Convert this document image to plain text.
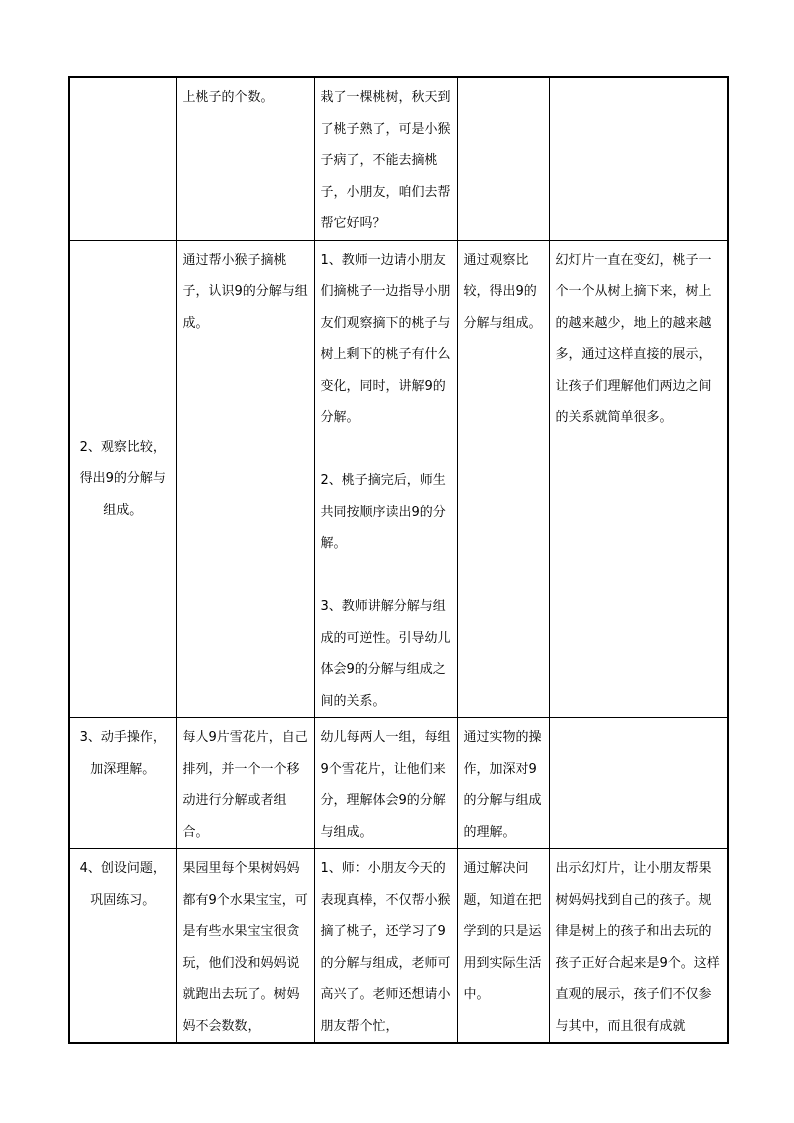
	上桃子的个数。	栽了一棵桃树，秋天到了桃子熟了，可是小猴子病了，不能去摘桃子，小朋友，咱们去帮帮它好吗？		

2、观察比较，得出9的分解与组成。	通过帮小猴子摘桃子，认识9的分解与组成。	1、教师一边请小朋友们摘桃子一边指导小朋友们观察摘下的桃子与树上剩下的桃子有什么变化，同时，讲解9的分解。
2、桃子摘完后，师生共同按顺序读出9的分解。
3、教师讲解分解与组成的可逆性。引导幼儿体会9的分解与组成之间的关系。	通过观察比较，得出9的分解与组成。	幻灯片一直在变幻，桃子一个一个从树上摘下来，树上的越来越少，地上的越来越多，通过这样直接的展示，让孩子们理解他们两边之间的关系就简单很多。
3、动手操作，加深理解。	每人9片雪花片，自己排列，并一个一个移动进行分解或者组合。	幼儿每两人一组，每组9个雪花片，让他们来分，理解体会9的分解与组成。	通过实物的操作，加深对9的分解与组成的理解。	
4、创设问题，巩固练习。	果园里每个果树妈妈都有9个水果宝宝，可是有些水果宝宝很贪玩，他们没和妈妈说就跑出去玩了。树妈妈不会数数，	1、师：小朋友今天的表现真棒，不仅帮小猴摘了桃子，还学习了9的分解与组成，老师可高兴了。老师还想请小朋友帮个忙，	通过解决问题，知道在把学到的只是运用到实际生活中。	出示幻灯片，让小朋友帮果树妈妈找到自己的孩子。规律是树上的孩子和出去玩的孩子正好合起来是9个。这样直观的展示，孩子们不仅参与其中，而且很有成就
